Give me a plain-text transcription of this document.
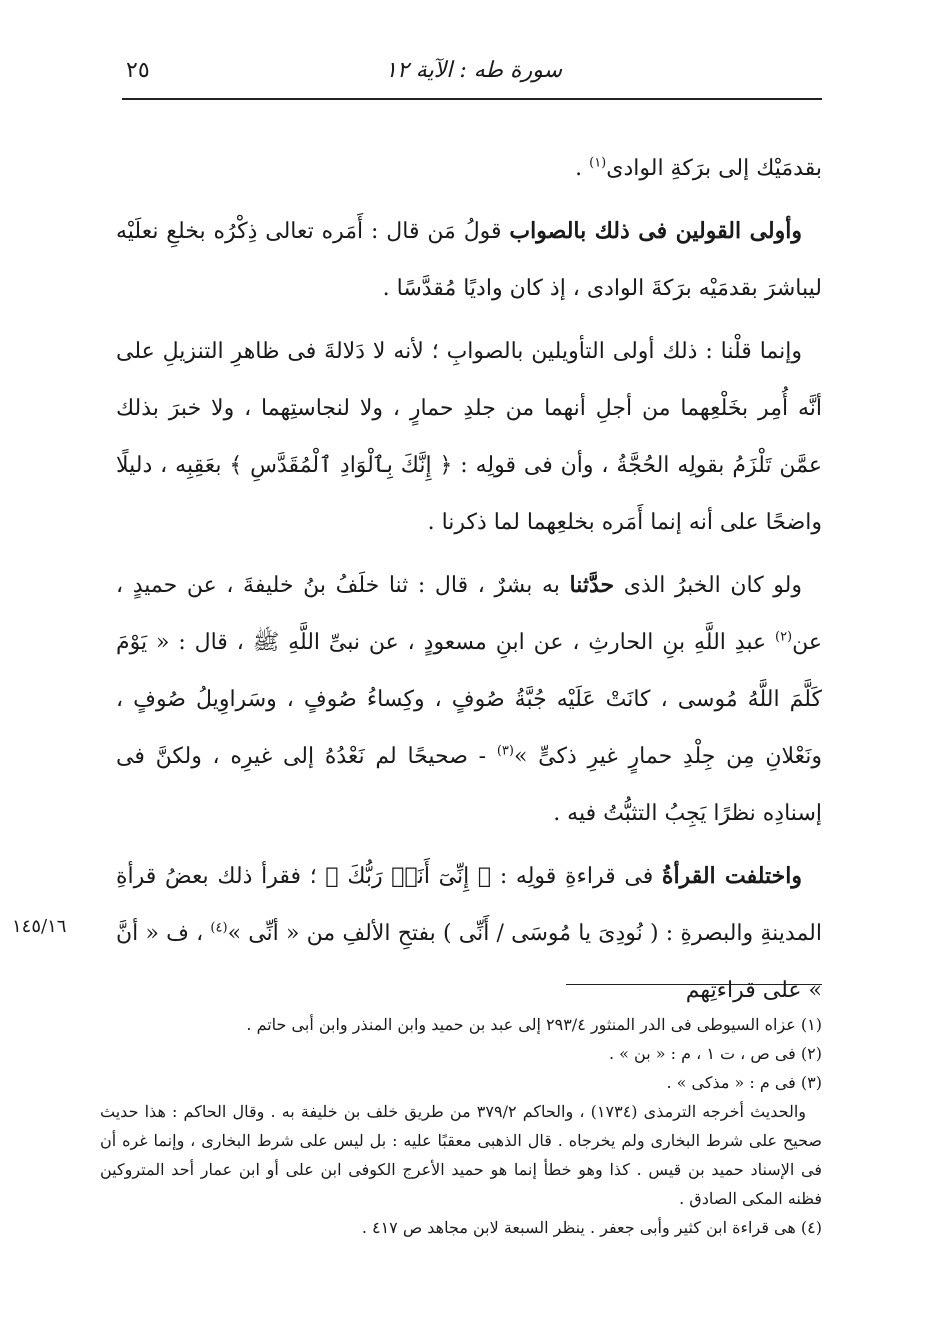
سورة طه : الآية ١٢
٢٥

بقدمَيْك إلى برَكةِ الوادى$^{(١)}$ .

وأولى القولين فى ذلك بالصواب قولُ مَن قال : أَمَره تعالى ذِكْرُه بخلعِ نعلَيْه ليباشرَ بقدمَيْه برَكةَ الوادى ، إذ كان واديًا مُقدَّسًا .

وإنما قلْنا : ذلك أولى التأويلين بالصوابِ ؛ لأنه لا دَلالةَ فى ظاهرِ التنزيلِ على أنَّه أُمِر بخَلْعِهما من أجلِ أنهما من جلدِ حمارٍ ، ولا لنجاستِهما ، ولا خبرَ بذلك عمَّن تَلْزَمُ بقولِه الحُجَّةُ ، وأن فى قولِه : ﴿ إِنَّكَ بِٱلْوَادِ ٱلْمُقَدَّسِ ﴾ بعَقِبِه ، دليلًا واضحًا على أنه إنما أَمَره بخلعِهما لما ذكرنا .

ولو كان الخبرُ الذى حدَّثنا به بشرٌ ، قال : ثنا خلَفُ بنُ خليفةَ ، عن حميدٍ ، عن$^{(٢)}$ عبدِ اللَّهِ بنِ الحارثِ ، عن ابنِ مسعودٍ ، عن نبىِّ اللَّهِ ﷺ ، قال : « يَوْمَ كَلَّمَ اللَّهُ مُوسى ، كانَتْ عَلَيْه جُبَّةُ صُوفٍ ، وكِساءُ صُوفٍ ، وسَراوِيلُ صُوفٍ ، ونَعْلانِ مِن جِلْدِ حمارٍ غيرِ ذكىٍّ »$^{(٣)}$ - صحيحًا لم نَعْدُهُ إلى غيرِه ، ولكنَّ فى إسنادِه نظرًا يَجِبُ التثبُّتُ فيه .

واختلفت القرأةُ فى قراءةِ قولِه : ﴿ إِنِّىٓ أَنَا۠ رَبُّكَ ﴾ ؛ فقرأ ذلك بعضُ قرأةِ المدينةِ والبصرةِ : ( نُودِىَ يا مُوسَى / أَنِّى ) بفتحِ الألفِ من « أنِّى »$^{(٤)}$ ، ف « أنَّ » على قراءتِهم

١٤٥/١٦

(١) عزاه السيوطى فى الدر المنثور ٢٩٣/٤ إلى عبد بن حميد وابن المنذر وابن أبى حاتم .

(٢) فى ص ، ت ١ ، م : « بن » .

(٣) فى م : « مذكى » .

والحديث أخرجه الترمذى (١٧٣٤) ، والحاكم ٣٧٩/٢ من طريق خلف بن خليفة به . وقال الحاكم : هذا حديث صحيح على شرط البخارى ولم يخرجاه . قال الذهبى معقبًا عليه : بل ليس على شرط البخارى ، وإنما غره أن فى الإسناد حميد بن قيس . كذا وهو خطأ إنما هو حميد الأعرج الكوفى ابن على أو ابن عمار أحد المتروكين فظنه المكى الصادق .

(٤) هى قراءة ابن كثير وأبى جعفر . ينظر السبعة لابن مجاهد ص ٤١٧ .
